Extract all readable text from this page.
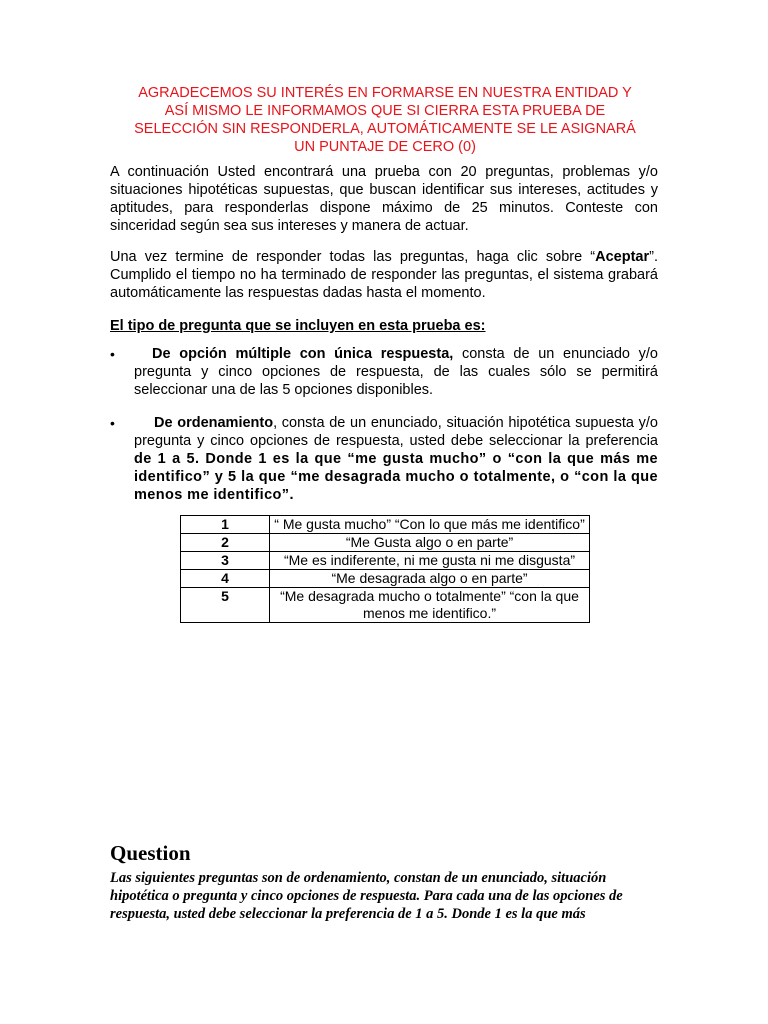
AGRADECEMOS SU INTERÉS EN FORMARSE EN NUESTRA ENTIDAD Y
ASÍ MISMO LE INFORMAMOS QUE SI CIERRA ESTA PRUEBA DE
SELECCIÓN SIN RESPONDERLA, AUTOMÁTICAMENTE SE LE ASIGNARÁ
UN PUNTAJE DE CERO (0)
A continuación Usted encontrará una prueba con 20 preguntas, problemas y/o situaciones hipotéticas supuestas, que buscan identificar sus intereses, actitudes y aptitudes, para responderlas dispone máximo de 25 minutos. Conteste con sinceridad según sea sus intereses y manera de actuar.
Una vez termine de responder todas las preguntas, haga clic sobre “Aceptar”. Cumplido el tiempo no ha terminado de responder las preguntas, el sistema grabará automáticamente las respuestas dadas hasta el momento.
El tipo de pregunta que se incluyen en esta prueba es:
•	De opción múltiple con única respuesta, consta de un enunciado y/o pregunta y cinco opciones de respuesta, de las cuales sólo se permitirá seleccionar una de las 5 opciones disponibles.
•	De ordenamiento, consta de un enunciado, situación hipotética supuesta y/o pregunta y cinco opciones de respuesta, usted debe seleccionar la preferencia de 1 a 5. Donde 1 es la que “me gusta mucho” o “con la que más me identifico” y 5 la que “me desagrada mucho o totalmente, o “con la que menos me identifico”.
1	“ Me gusta mucho” “Con lo que más me identifico”
2	“Me Gusta algo o en parte”
3	“Me es indiferente, ni me gusta ni me disgusta”
4	“Me desagrada algo o en parte”
5	“Me desagrada mucho o totalmente” “con la que menos me identifico.”
Question
Las siguientes preguntas son de ordenamiento, constan de un enunciado, situación hipotética o pregunta y cinco opciones de respuesta. Para cada una de las opciones de respuesta, usted debe seleccionar la preferencia de 1 a 5. Donde 1 es la que más
